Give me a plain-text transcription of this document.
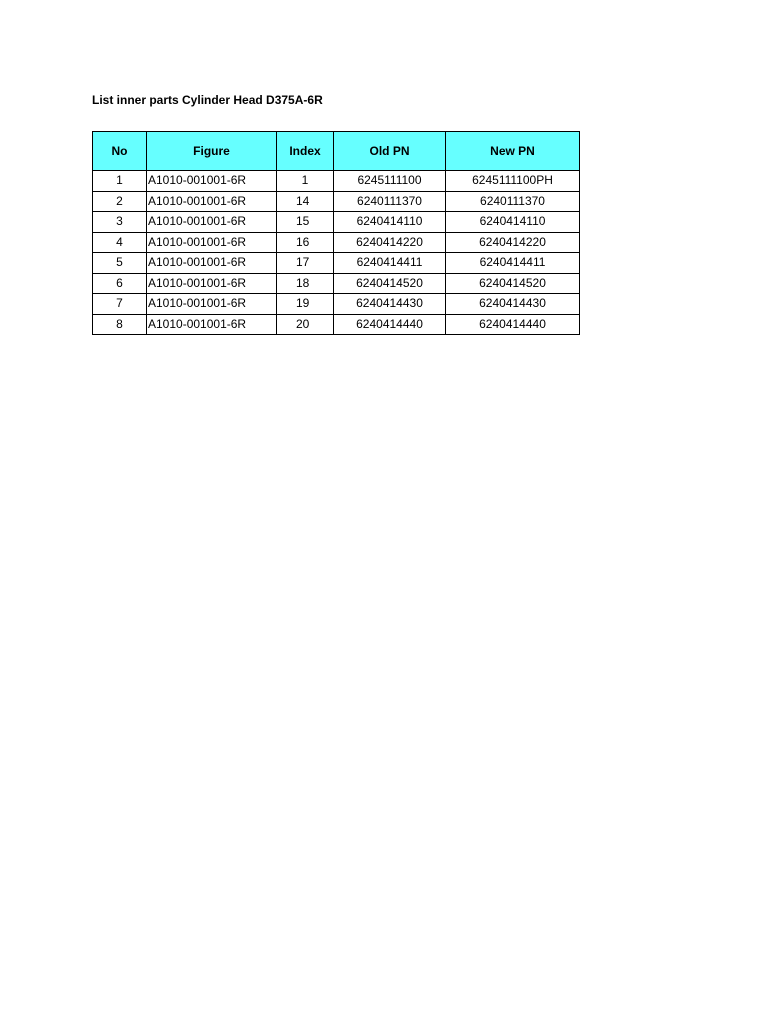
List inner parts Cylinder Head D375A-6R
No	Figure	Index	Old PN	New PN
1	A1010-001001-6R	1	6245111100	6245111100PH
2	A1010-001001-6R	14	6240111370	6240111370
3	A1010-001001-6R	15	6240414110	6240414110
4	A1010-001001-6R	16	6240414220	6240414220
5	A1010-001001-6R	17	6240414411	6240414411
6	A1010-001001-6R	18	6240414520	6240414520
7	A1010-001001-6R	19	6240414430	6240414430
8	A1010-001001-6R	20	6240414440	6240414440
